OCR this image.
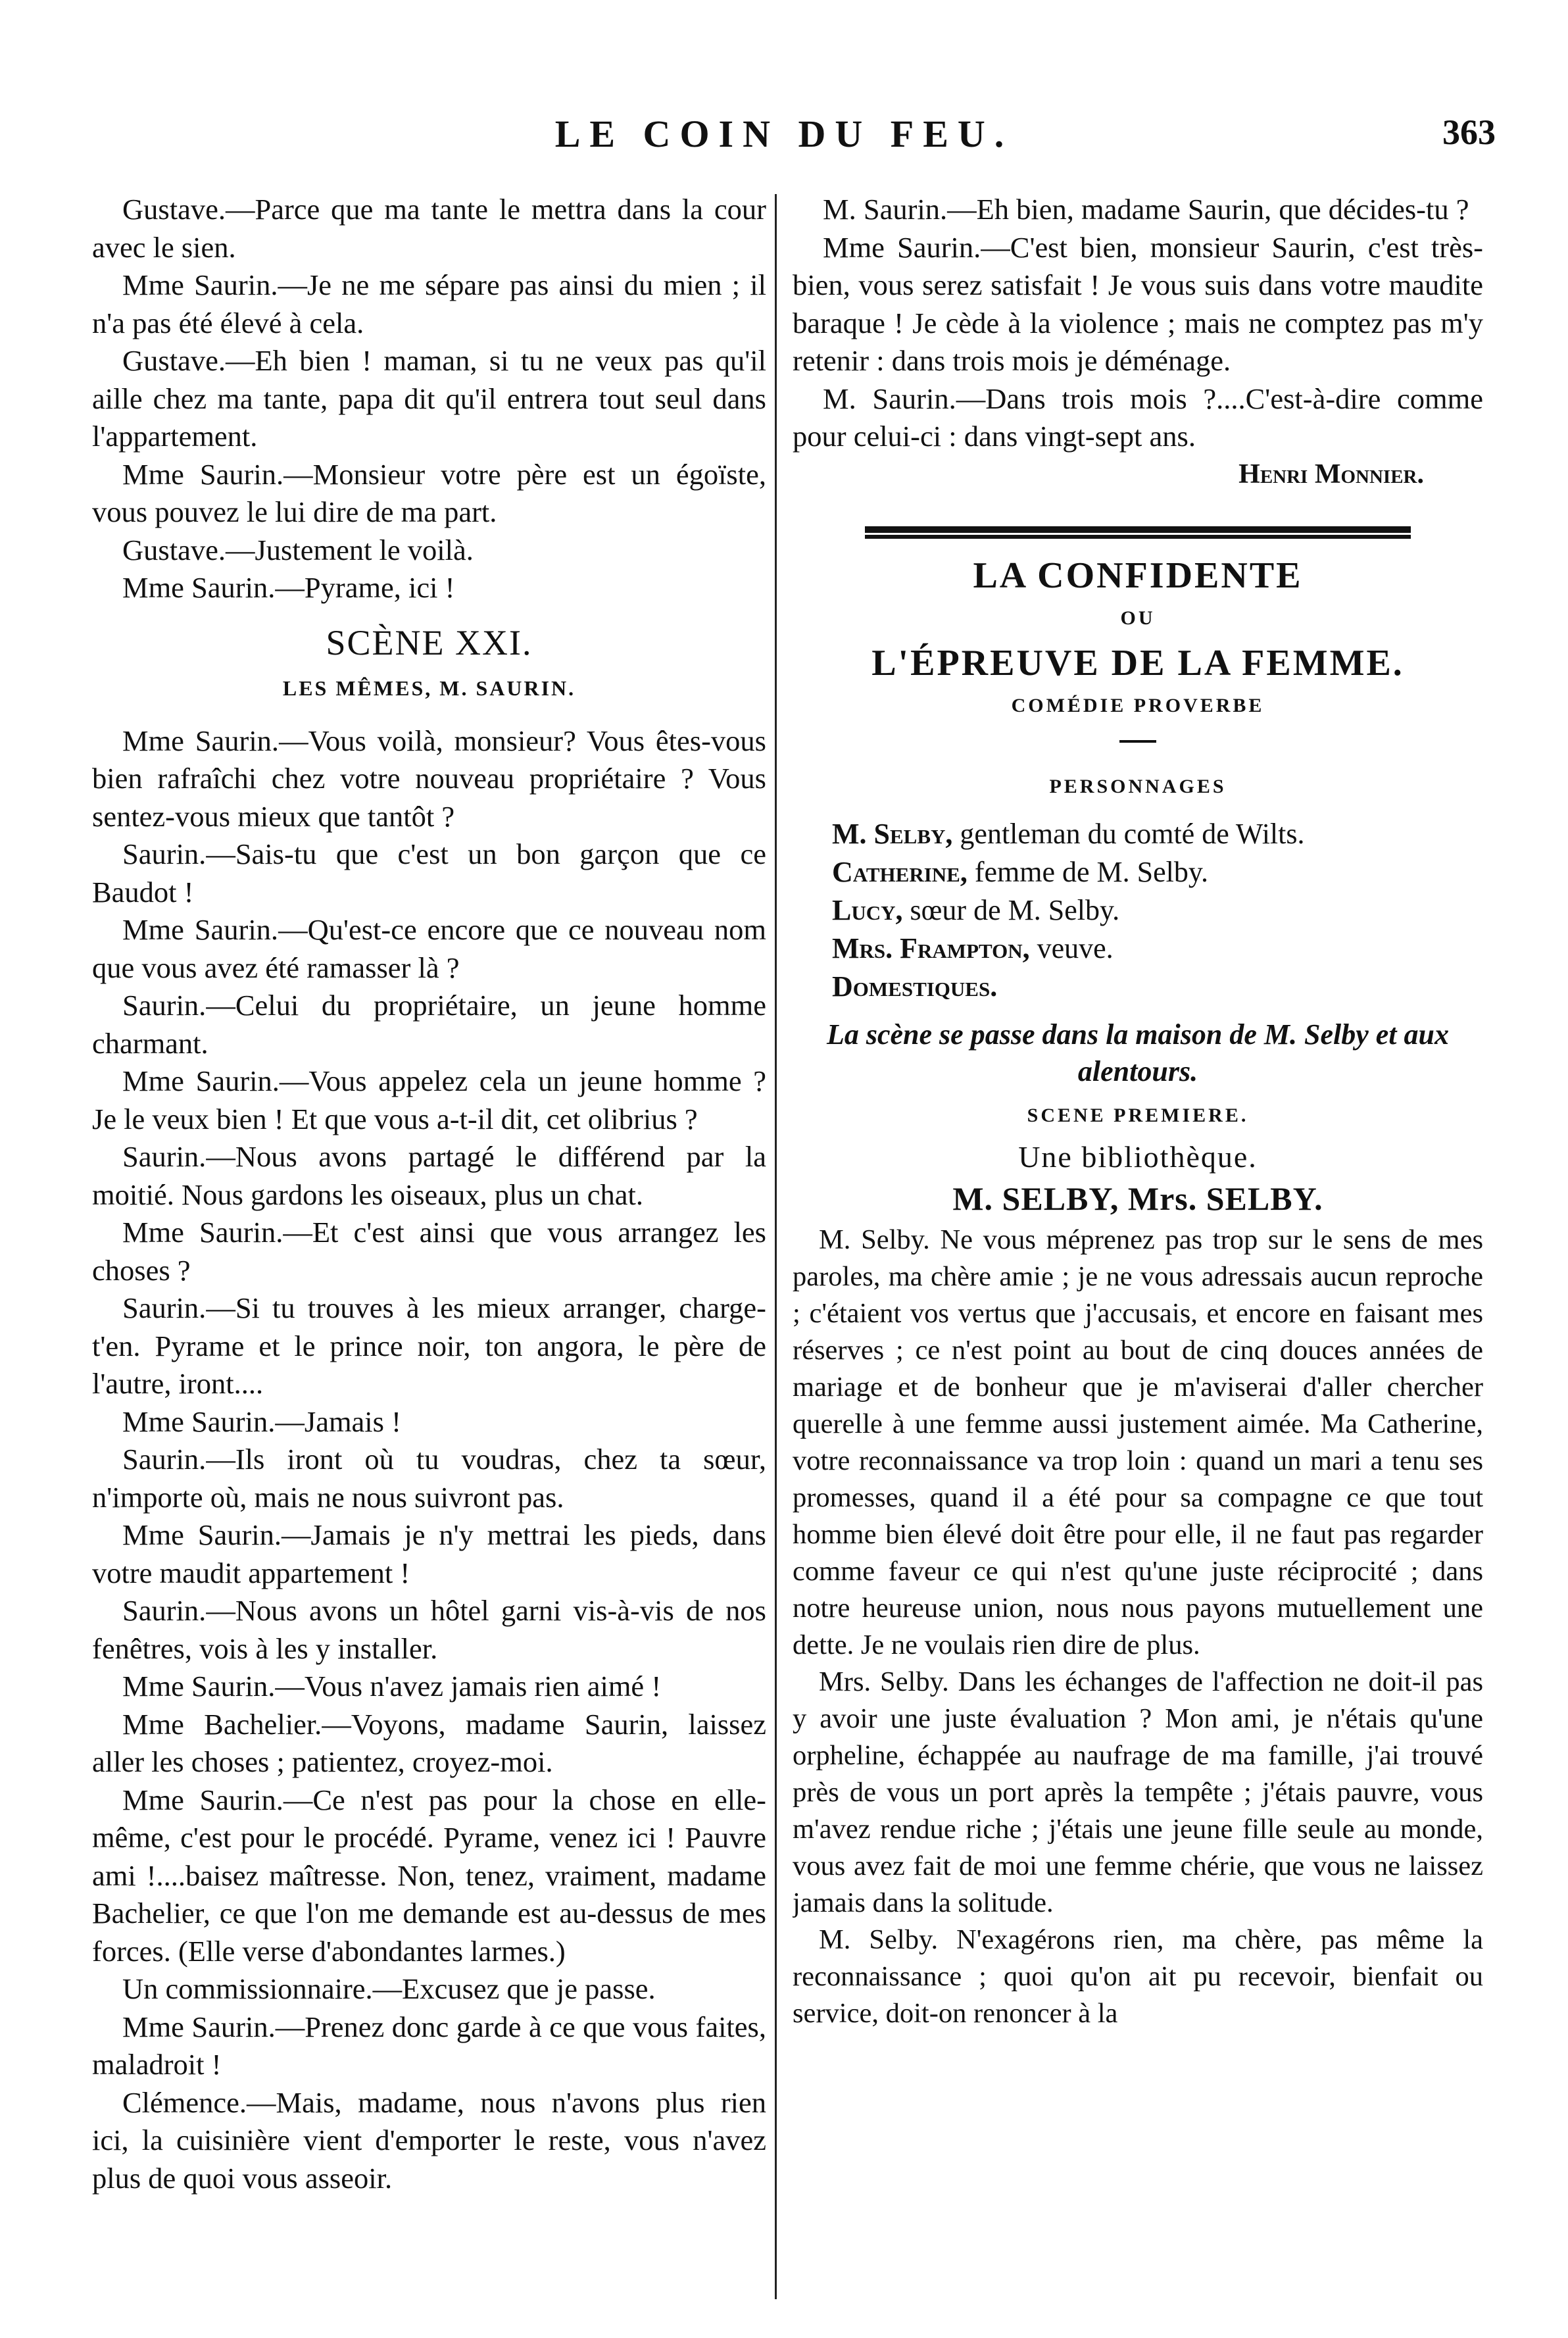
LE COIN DU FEU.	363

Gustave.—Parce que ma tante le mettra dans la cour avec le sien.

Mme Saurin.—Je ne me sépare pas ainsi du mien ; il n'a pas été élevé à cela.

Gustave.—Eh bien ! maman, si tu ne veux pas qu'il aille chez ma tante, papa dit qu'il entrera tout seul dans l'appartement.

Mme Saurin.—Monsieur votre père est un égoïste, vous pouvez le lui dire de ma part.

Gustave.—Justement le voilà.

Mme Saurin.—Pyrame, ici !

SCÈNE XXI.
LES MÊMES, M. SAURIN.

Mme Saurin.—Vous voilà, monsieur? Vous êtes-vous bien rafraîchi chez votre nouveau propriétaire ? Vous sentez-vous mieux que tantôt ?

Saurin.—Sais-tu que c'est un bon garçon que ce Baudot !

Mme Saurin.—Qu'est-ce encore que ce nouveau nom que vous avez été ramasser là ?

Saurin.—Celui du propriétaire, un jeune homme charmant.

Mme Saurin.—Vous appelez cela un jeune homme ? Je le veux bien ! Et que vous a-t-il dit, cet olibrius ?

Saurin.—Nous avons partagé le différend par la moitié. Nous gardons les oiseaux, plus un chat.

Mme Saurin.—Et c'est ainsi que vous arrangez les choses ?

Saurin.—Si tu trouves à les mieux arranger, charge-t'en. Pyrame et le prince noir, ton angora, le père de l'autre, iront....

Mme Saurin.—Jamais !

Saurin.—Ils iront où tu voudras, chez ta sœur, n'importe où, mais ne nous suivront pas.

Mme Saurin.—Jamais je n'y mettrai les pieds, dans votre maudit appartement !

Saurin.—Nous avons un hôtel garni vis-à-vis de nos fenêtres, vois à les y installer.

Mme Saurin.—Vous n'avez jamais rien aimé !

Mme Bachelier.—Voyons, madame Saurin, laissez aller les choses ; patientez, croyez-moi.

Mme Saurin.—Ce n'est pas pour la chose en elle-même, c'est pour le procédé. Pyrame, venez ici ! Pauvre ami !....baisez maîtresse. Non, tenez, vraiment, madame Bachelier, ce que l'on me demande est au-dessus de mes forces. (Elle verse d'abondantes larmes.)

Un commissionnaire.—Excusez que je passe.

Mme Saurin.—Prenez donc garde à ce que vous faites, maladroit !

Clémence.—Mais, madame, nous n'avons plus rien ici, la cuisinière vient d'emporter le reste, vous n'avez plus de quoi vous asseoir.

M. Saurin.—Eh bien, madame Saurin, que décides-tu ?

Mme Saurin.—C'est bien, monsieur Saurin, c'est très-bien, vous serez satisfait ! Je vous suis dans votre maudite baraque ! Je cède à la violence ; mais ne comptez pas m'y retenir : dans trois mois je déménage.

M. Saurin.—Dans trois mois ?....C'est-à-dire comme pour celui-ci : dans vingt-sept ans.

Henri Monnier.
LA CONFIDENTE
OU
L'ÉPREUVE DE LA FEMME.
COMÉDIE PROVERBE
PERSONNAGES
M. Selby, gentleman du comté de Wilts.
Catherine, femme de M. Selby.
Lucy, sœur de M. Selby.
Mrs. Frampton, veuve.
Domestiques.
La scène se passe dans la maison de M. Selby et aux alentours.
SCENE PREMIERE.
Une bibliothèque.
M. SELBY, Mrs. SELBY.

M. Selby. Ne vous méprenez pas trop sur le sens de mes paroles, ma chère amie ; je ne vous adressais aucun reproche ; c'étaient vos vertus que j'accusais, et encore en faisant mes réserves ; ce n'est point au bout de cinq douces années de mariage et de bonheur que je m'aviserai d'aller chercher querelle à une femme aussi justement aimée. Ma Catherine, votre reconnaissance va trop loin : quand un mari a tenu ses promesses, quand il a été pour sa compagne ce que tout homme bien élevé doit être pour elle, il ne faut pas regarder comme faveur ce qui n'est qu'une juste réciprocité ; dans notre heureuse union, nous nous payons mutuellement une dette. Je ne voulais rien dire de plus.

Mrs. Selby. Dans les échanges de l'affection ne doit-il pas y avoir une juste évaluation ? Mon ami, je n'étais qu'une orpheline, échappée au naufrage de ma famille, j'ai trouvé près de vous un port après la tempête ; j'étais pauvre, vous m'avez rendue riche ; j'étais une jeune fille seule au monde, vous avez fait de moi une femme chérie, que vous ne laissez jamais dans la solitude.

M. Selby. N'exagérons rien, ma chère, pas même la reconnaissance ; quoi qu'on ait pu recevoir, bienfait ou service, doit-on renoncer à la
